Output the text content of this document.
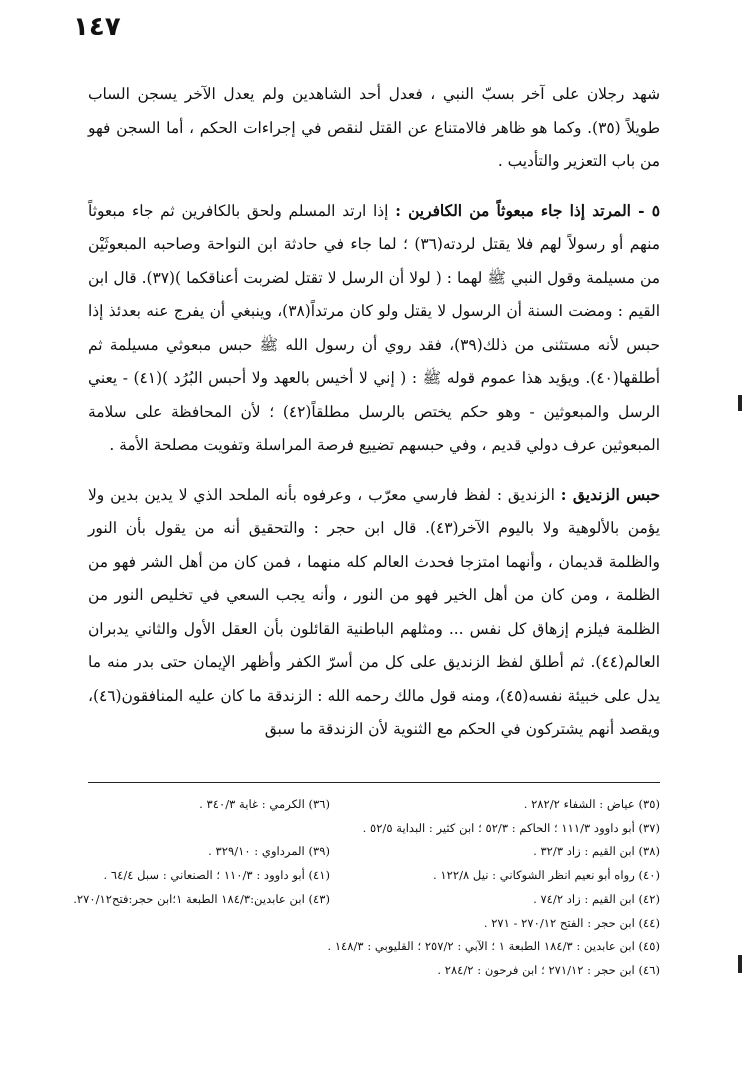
١٤٧

شهد رجلان على آخر بسبّ النبي ، فعدل أحد الشاهدين ولم يعدل الآخر يسجن الساب طويلاً (٣٥). وكما هو ظاهر فالامتناع عن القتل لنقص في إجراءات الحكم ، أما السجن فهو من باب التعزير والتأديب .

٥ - المرتد إذا جاء مبعوثاً من الكافرين : إذا ارتد المسلم ولحق بالكافرين ثم جاء مبعوثاً منهم أو رسولاً لهم فلا يقتل لردته(٣٦) ؛ لما جاء في حادثة ابن النواحة وصاحبه المبعوثَيْن من مسيلمة وقول النبي ﷺ لهما : ( لولا أن الرسل لا تقتل لضربت أعناقكما )(٣٧). قال ابن القيم : ومضت السنة أن الرسول لا يقتل ولو كان مرتداً(٣٨)، وينبغي أن يفرج عنه بعدئذ إذا حبس لأنه مستثنى من ذلك(٣٩)، فقد روي أن رسول الله ﷺ حبس مبعوثي مسيلمة ثم أطلقها(٤٠). ويؤيد هذا عموم قوله ﷺ : ( إني لا أخيس بالعهد ولا أحبس البُرُد )(٤١) - يعني الرسل والمبعوثين - وهو حكم يختص بالرسل مطلقاً(٤٢) ؛ لأن المحافظة على سلامة المبعوثين عرف دولي قديم ، وفي حبسهم تضييع فرصة المراسلة وتفويت مصلحة الأمة .

حبس الزنديق : الزنديق : لفظ فارسي معرّب ، وعرفوه بأنه الملحد الذي لا يدين بدين ولا يؤمن بالألوهية ولا باليوم الآخر(٤٣). قال ابن حجر : والتحقيق أنه من يقول بأن النور والظلمة قديمان ، وأنهما امتزجا فحدث العالم كله منهما ، فمن كان من أهل الشر فهو من الظلمة ، ومن كان من أهل الخير فهو من النور ، وأنه يجب السعي في تخليص النور من الظلمة فيلزم إزهاق كل نفس ... ومثلهم الباطنية القائلون بأن العقل الأول والثاني يدبران العالم(٤٤). ثم أطلق لفظ الزنديق على كل من أسرّ الكفر وأظهر الإيمان حتى بدر منه ما يدل على خبيئة نفسه(٤٥)، ومنه قول مالك رحمه الله : الزندقة ما كان عليه المنافقون(٤٦)، ويقصد أنهم يشتركون في الحكم مع الثنوية لأن الزندقة ما سبق

(٣٥) عياض : الشفاء ٢٨٢/٢ .
(٣٦) الكرمي : غاية ٣٤٠/٣ .
(٣٧) أبو داوود ١١١/٣ ؛ الحاكم : ٥٢/٣ ؛ ابن كثير : البداية ٥٢/٥ .
(٣٨) ابن القيم : زاد ٣٢/٣ .
(٣٩) المرداوي : ٣٢٩/١٠ .
(٤٠) رواه أبو نعيم انظر الشوكاني : نيل ١٢٢/٨ .
(٤١) أبو داوود : ١١٠/٣ ؛ الصنعاني : سبل ٦٤/٤ .
(٤٢) ابن القيم : زاد ٧٤/٢ .
(٤٣) ابن عابدين:١٨٤/٣ الطبعة ١؛ابن حجر:فتح٢٧٠/١٢.
(٤٤) ابن حجر : الفتح ٢٧٠/١٢ - ٢٧١ .
(٤٥) ابن عابدين : ١٨٤/٣ الطبعة ١ ؛ الآبي : ٢٥٧/٢ ؛ القليوبي : ١٤٨/٣ .
(٤٦) ابن حجر : ٢٧١/١٢ ؛ ابن فرحون : ٢٨٤/٢ .
